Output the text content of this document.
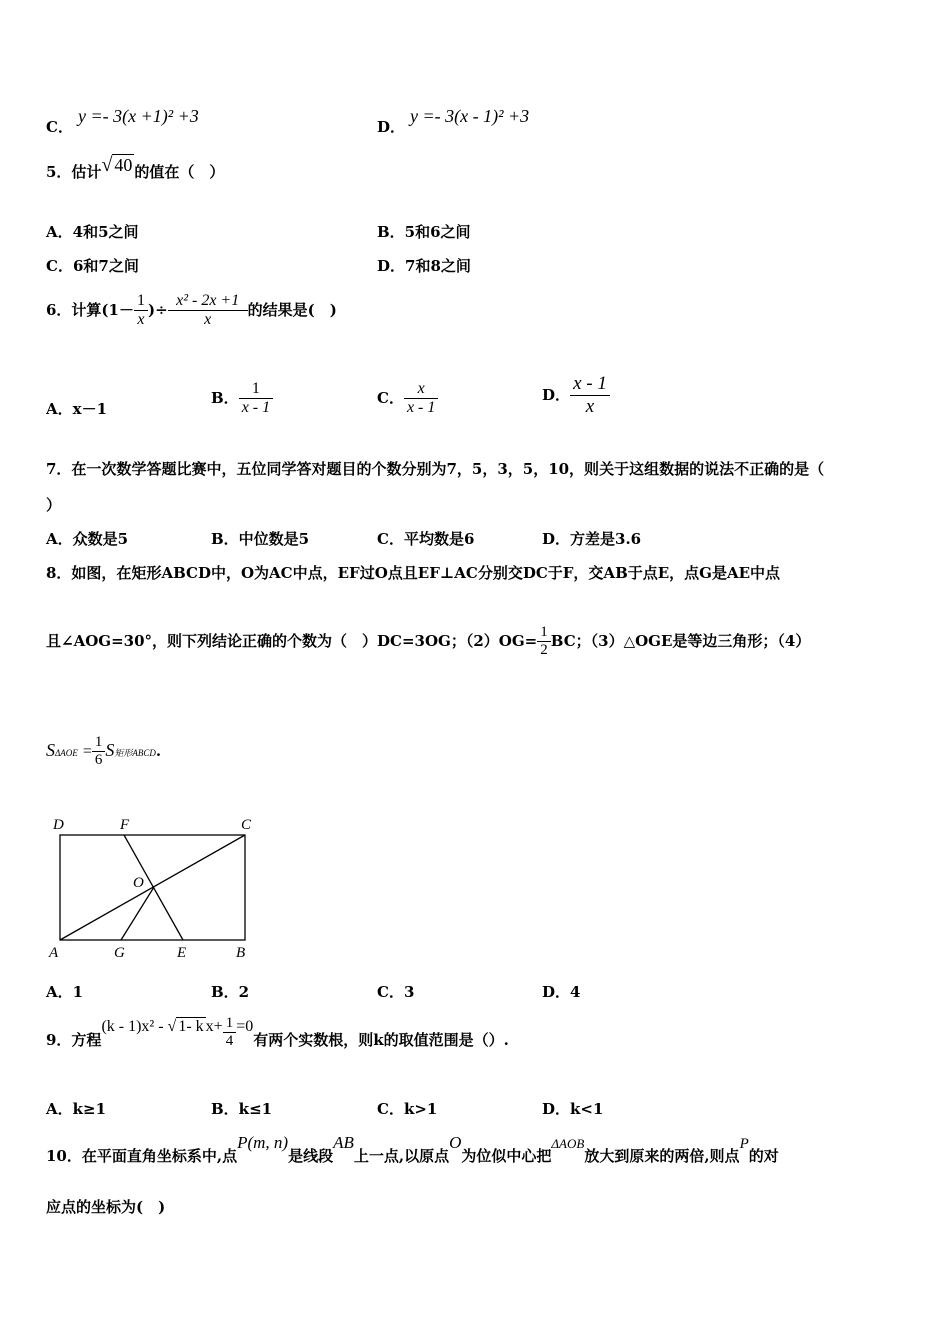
C．
y =- 3(x +1)² +3
D．
y =- 3(x - 1)² +3
5．估计√ 40 的值在（　）
A．4和5之间	B．5和6之间
C．6和7之间	D．7和8之间
6．计算($1- \frac{1}{x}$ )÷ $\frac{\text{x² - 2x +1}}{x}$ 的结果是(　)
A．x－1
B． $\frac{1}{x - 1}$	C． $\frac{x}{x - 1}$	D． $\frac{x - 1}{x}$
7．在一次数学答题比赛中，五位同学答对题目的个数分别为7，5，3，5，10，则关于这组数据的说法不正确的是（
）
A．众数是5	B．中位数是5	C．平均数是6	D．方差是3.6
8．如图，在矩形ABCD中，O为AC中点，EF过O点且EF⊥AC分别交DC于F，交AB于点E，点G是AE中点
且∠AOG=30°，则下列结论正确的个数为（　）DC=3OG；$(2)OG= \frac{1}{2}$ BC；（3）△OGE是等边三角形；（4）
$S\Delta AOE = \frac{1}{6}$ S矩形ABCD.
D	F	C
O
A	G	E	B
A．1	B．2	C．3	D．4
9．方程(k - 1)x² - √ 1- k $x+ \frac{1}{4} =0$有两个实数根，则k的取值范围是（）.
A．k≥1	B．k≤1	C．k>1	D．k<1
10．在平面直角坐标系中,点P(m, n)是线段AB上一点,以原点O为位似中心把ΔAOB放大到原来的两倍,则点P的对
应点的坐标为(　)
